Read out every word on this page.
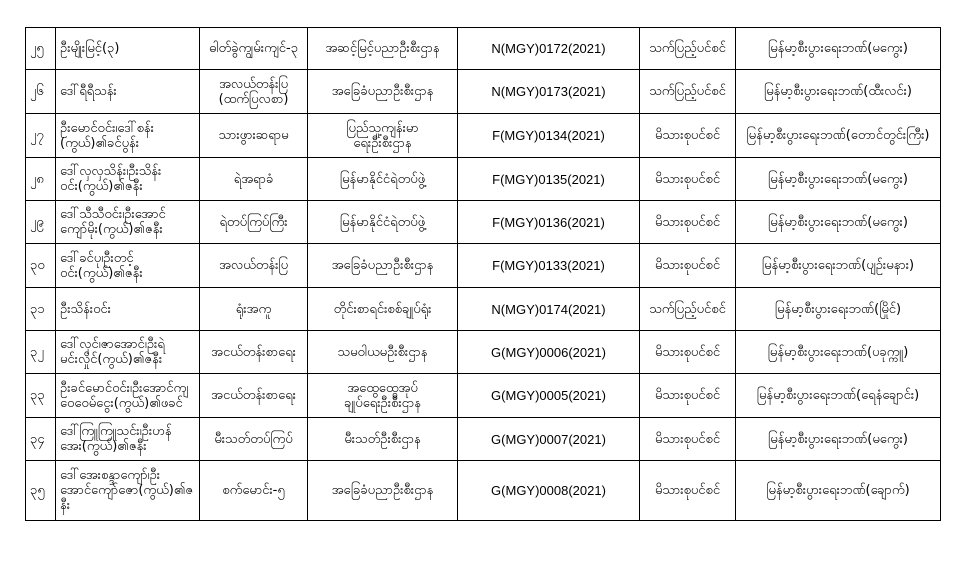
၂၅	ဦးမျိုးမြင့်(၃)	ဓါတ်ခွဲကျွမ်းကျင်-၃	အဆင့်မြင့်ပညာဦးစီးဌာန	N(MGY)0172(2021)	သက်ပြည့်ပင်စင်	မြန်မာ့စီးပွားရေးဘဏ်(မကွေး)
၂၆	ဒေါ်ရီရီသန်း	အလယ်တန်းပြ
(ထက်ပြလစာ)	အခြေခံပညာဦးစီးဌာန	N(MGY)0173(2021)	သက်ပြည့်ပင်စင်	မြန်မာ့စီးပွားရေးဘဏ်(ထီးလင်း)
၂၇	ဦးမောင်ဝင်း၊ဒေါ်စန်း
(ကွယ်)၏ခင်ပွန်း	သားဖွားဆရာမ	ပြည်သူ့ကျန်းမာ
ရေးဦးစီးဌာန	F(MGY)0134(2021)	မိသားစုပင်စင်	မြန်မာ့စီးပွားရေးဘဏ်(တောင်တွင်းကြီး)
၂၈	ဒေါ်လှလှသိန်း၊ဦးသိန်း
ဝင်း(ကွယ်)၏ဇနီး	ရဲအရာခံ	မြန်မာနိုင်ငံရဲတပ်ဖွဲ့	F(MGY)0135(2021)	မိသားစုပင်စင်	မြန်မာ့စီးပွားရေးဘဏ်(မကွေး)
၂၉	ဒေါ်သီသီဝင်း၊ဦးအောင်
ကျော်မိုး(ကွယ်)၏ဇနီး	ရဲတပ်ကြပ်ကြီး	မြန်မာနိုင်ငံရဲတပ်ဖွဲ့	F(MGY)0136(2021)	မိသားစုပင်စင်	မြန်မာ့စီးပွားရေးဘဏ်(မကွေး)
၃၀	ဒေါ်ခင်ပု၊ဦးတင့်
ဝင်း(ကွယ်)၏ဇနီး	အလယ်တန်းပြ	အခြေခံပညာဦးစီးဌာန	F(MGY)0133(2021)	မိသားစုပင်စင်	မြန်မာ့စီးပွားရေးဘဏ်(ပျဉ်းမနား)
၃၁	ဦးသိန်းဝင်း	ရုံးအကူ	တိုင်းစာရင်းစစ်ချုပ်ရုံး	N(MGY)0174(2021)	သက်ပြည့်ပင်စင်	မြန်မာ့စီးပွားရေးဘဏ်(မြိုင်)
၃၂	ဒေါ်လှင်၊ဇာအောင်၊ဦးရဲ
မင်းလှိုင်(ကွယ်)၏ဇနီး	အငယ်တန်းစာရေး	သမဝါယမဦးစီးဌာန	G(MGY)0006(2021)	မိသားစုပင်စင်	မြန်မာ့စီးပွားရေးဘဏ်(ပခုက္ကူ)
၃၃	ဦးခင်မောင်ဝင်း၊ဦးအောင်ကျ
ဝေဝေမ်ငွေး(ကွယ်)၏ဖခင်	အငယ်တန်းစာရေး	အထွေထွေအုပ်
ချုပ်ရေးဦးစီးဌာန	G(MGY)0005(2021)	မိသားစုပင်စင်	မြန်မာ့စီးပွားရေးဘဏ်(ရေနံချောင်း)
၃၄	ဒေါ်ကြူကြူသင်း၊ဦးဟန်
အေး(ကွယ်)၏ဇနီး	မီးသတ်တပ်ကြပ်	မီးသတ်ဦးစီးဌာန	G(MGY)0007(2021)	မိသားစုပင်စင်	မြန်မာ့စီးပွားရေးဘဏ်(မကွေး)
၃၅	ဒေါ်အေးစန္ဒာကျော်၊ဦး
အောင်ကျော်ဇော(ကွယ်)၏ဇ
နီး	စက်မောင်း-၅	အခြေခံပညာဦးစီးဌာန	G(MGY)0008(2021)	မိသားစုပင်စင်	မြန်မာ့စီးပွားရေးဘဏ်(ချောက်)
